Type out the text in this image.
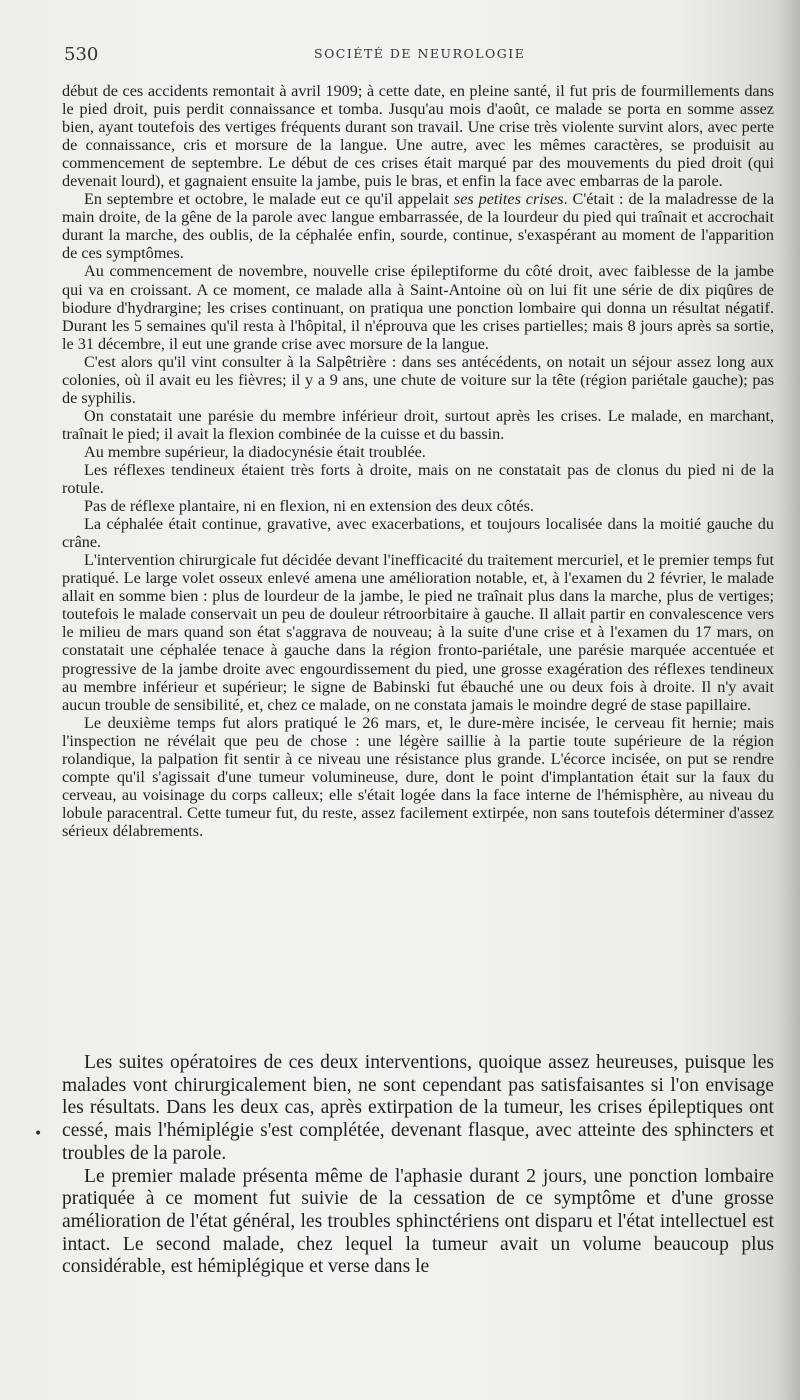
530	SOCIÉTÉ DE NEUROLOGIE

début de ces accidents remontait à avril 1909; à cette date, en pleine santé, il fut pris de fourmillements dans le pied droit, puis perdit connaissance et tomba. Jusqu'au mois d'août, ce malade se porta en somme assez bien, ayant toutefois des vertiges fréquents durant son travail. Une crise très violente survint alors, avec perte de connaissance, cris et morsure de la langue. Une autre, avec les mêmes caractères, se produisit au commencement de septembre. Le début de ces crises était marqué par des mouvements du pied droit (qui devenait lourd), et gagnaient ensuite la jambe, puis le bras, et enfin la face avec embarras de la parole.

En septembre et octobre, le malade eut ce qu'il appelait ses petites crises. C'était : de la maladresse de la main droite, de la gêne de la parole avec langue embarrassée, de la lourdeur du pied qui traînait et accrochait durant la marche, des oublis, de la céphalée enfin, sourde, continue, s'exaspérant au moment de l'apparition de ces symptômes.

Au commencement de novembre, nouvelle crise épileptiforme du côté droit, avec faiblesse de la jambe qui va en croissant. A ce moment, ce malade alla à Saint-Antoine où on lui fit une série de dix piqûres de biodure d'hydrargine; les crises continuant, on pratiqua une ponction lombaire qui donna un résultat négatif. Durant les 5 semaines qu'il resta à l'hôpital, il n'éprouva que les crises partielles; mais 8 jours après sa sortie, le 31 décembre, il eut une grande crise avec morsure de la langue.

C'est alors qu'il vint consulter à la Salpêtrière : dans ses antécédents, on notait un séjour assez long aux colonies, où il avait eu les fièvres; il y a 9 ans, une chute de voiture sur la tête (région pariétale gauche); pas de syphilis.

On constatait une parésie du membre inférieur droit, surtout après les crises. Le malade, en marchant, traînait le pied; il avait la flexion combinée de la cuisse et du bassin.

Au membre supérieur, la diadocynésie était troublée.

Les réflexes tendineux étaient très forts à droite, mais on ne constatait pas de clonus du pied ni de la rotule.

Pas de réflexe plantaire, ni en flexion, ni en extension des deux côtés.

La céphalée était continue, gravative, avec exacerbations, et toujours localisée dans la moitié gauche du crâne.

L'intervention chirurgicale fut décidée devant l'inefficacité du traitement mercuriel, et le premier temps fut pratiqué. Le large volet osseux enlevé amena une amélioration notable, et, à l'examen du 2 février, le malade allait en somme bien : plus de lourdeur de la jambe, le pied ne traînait plus dans la marche, plus de vertiges; toutefois le malade conservait un peu de douleur rétroorbitaire à gauche. Il allait partir en convalescence vers le milieu de mars quand son état s'aggrava de nouveau; à la suite d'une crise et à l'examen du 17 mars, on constatait une céphalée tenace à gauche dans la région fronto-pariétale, une parésie marquée accentuée et progressive de la jambe droite avec engourdissement du pied, une grosse exagération des réflexes tendineux au membre inférieur et supérieur; le signe de Babinski fut ébauché une ou deux fois à droite. Il n'y avait aucun trouble de sensibilité, et, chez ce malade, on ne constata jamais le moindre degré de stase papillaire.

Le deuxième temps fut alors pratiqué le 26 mars, et, le dure-mère incisée, le cerveau fit hernie; mais l'inspection ne révélait que peu de chose : une légère saillie à la partie toute supérieure de la région rolandique, la palpation fit sentir à ce niveau une résistance plus grande. L'écorce incisée, on put se rendre compte qu'il s'agissait d'une tumeur volumineuse, dure, dont le point d'implantation était sur la faux du cerveau, au voisinage du corps calleux; elle s'était logée dans la face interne de l'hémisphère, au niveau du lobule paracentral. Cette tumeur fut, du reste, assez facilement extirpée, non sans toutefois déterminer d'assez sérieux délabrements.

•

Les suites opératoires de ces deux interventions, quoique assez heureuses, puisque les malades vont chirurgicalement bien, ne sont cependant pas satisfaisantes si l'on envisage les résultats. Dans les deux cas, après extirpation de la tumeur, les crises épileptiques ont cessé, mais l'hémiplégie s'est complétée, devenant flasque, avec atteinte des sphincters et troubles de la parole.

Le premier malade présenta même de l'aphasie durant 2 jours, une ponction lombaire pratiquée à ce moment fut suivie de la cessation de ce symptôme et d'une grosse amélioration de l'état général, les troubles sphinctériens ont disparu et l'état intellectuel est intact. Le second malade, chez lequel la tumeur avait un volume beaucoup plus considérable, est hémiplégique et verse dans le
